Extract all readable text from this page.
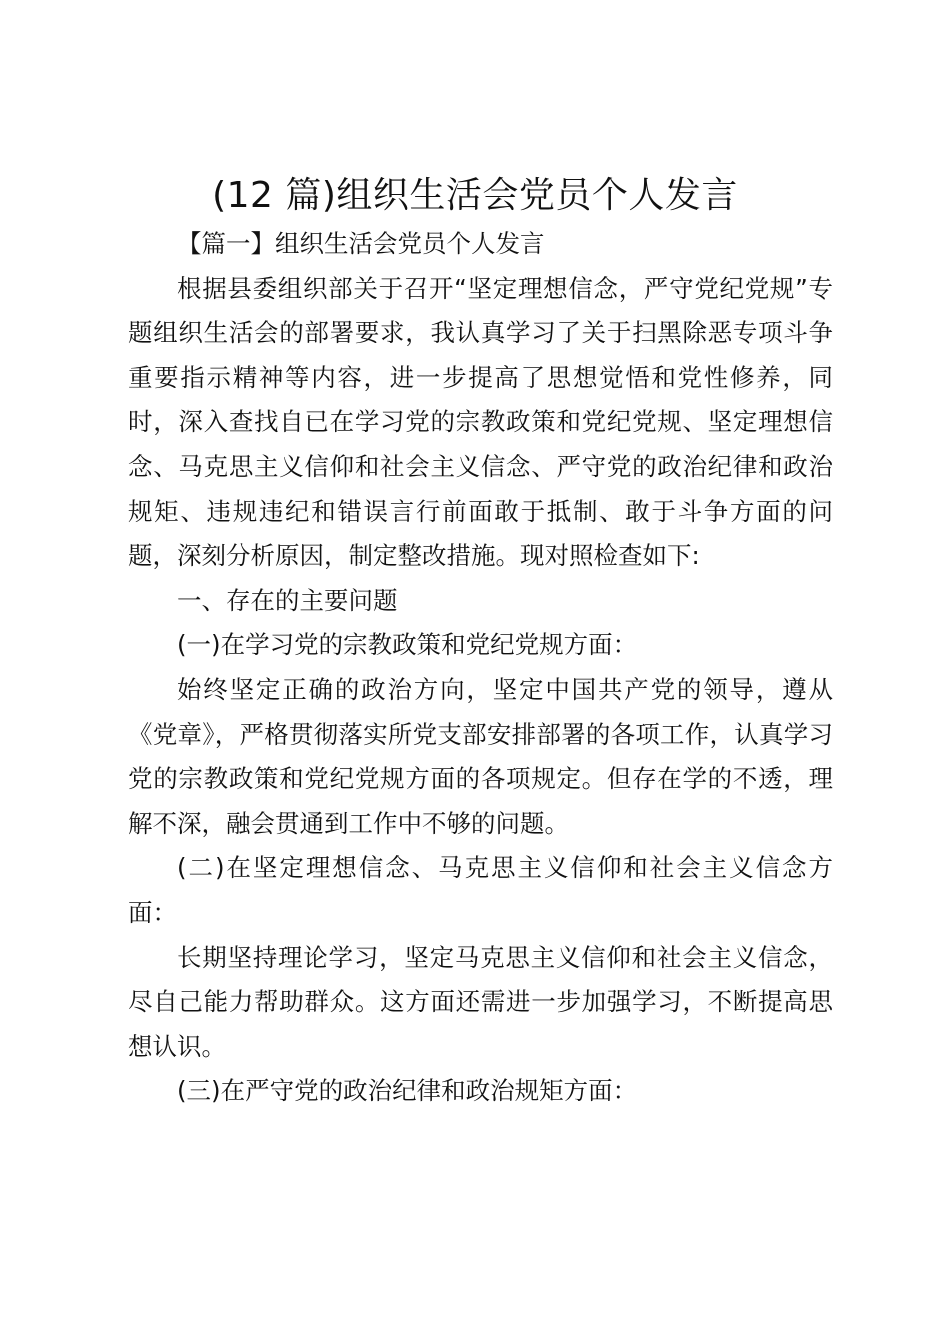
(12 篇)组织生活会党员个人发言

【篇一】组织生活会党员个人发言

根据县委组织部关于召开“坚定理想信念，严守党纪党规”专题组织生活会的部署要求，我认真学习了关于扫黑除恶专项斗争重要指示精神等内容，进一步提高了思想觉悟和党性修养，同时，深入查找自已在学习党的宗教政策和党纪党规、坚定理想信念、马克思主义信仰和社会主义信念、严守党的政治纪律和政治规矩、违规违纪和错误言行前面敢于抵制、敢于斗争方面的问题，深刻分析原因，制定整改措施。现对照检查如下:

一、存在的主要问题

(一)在学习党的宗教政策和党纪党规方面：

始终坚定正确的政治方向，坚定中国共产党的领导，遵从《党章》，严格贯彻落实所党支部安排部署的各项工作，认真学习党的宗教政策和党纪党规方面的各项规定。但存在学的不透，理解不深，融会贯通到工作中不够的问题。

(二)在坚定理想信念、马克思主义信仰和社会主义信念方面：

长期坚持理论学习，坚定马克思主义信仰和社会主义信念，尽自己能力帮助群众。这方面还需进一步加强学习，不断提高思想认识。

(三)在严守党的政治纪律和政治规矩方面：
